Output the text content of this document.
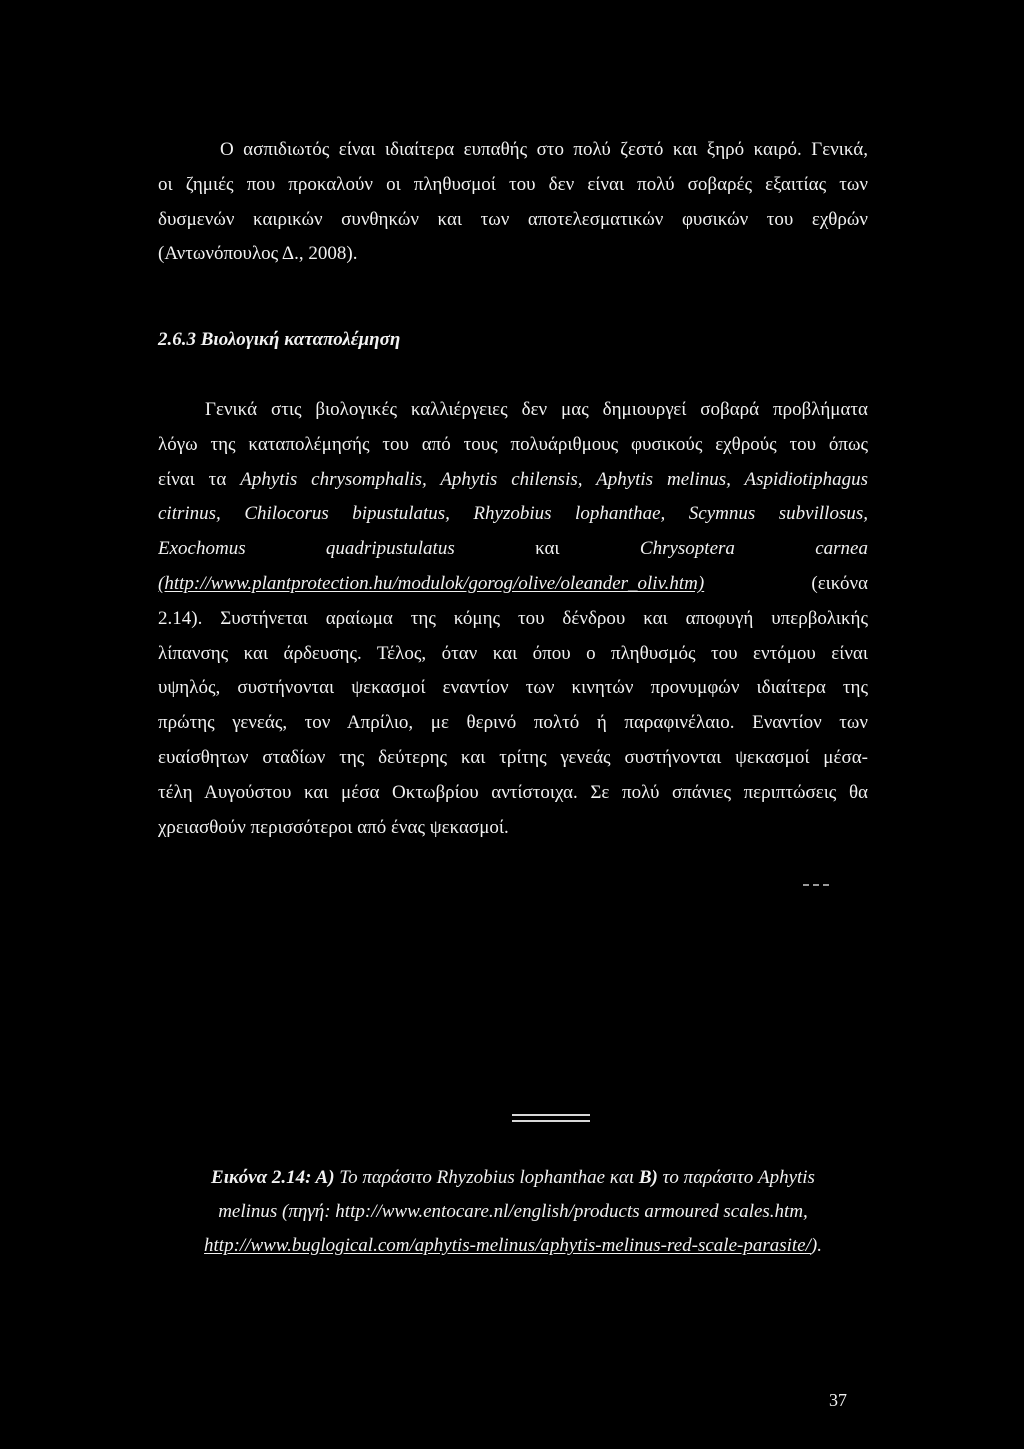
Ο ασπιδιωτός είναι ιδιαίτερα ευπαθής στο πολύ ζεστό και ξηρό καιρό. Γενικά,
οι ζημιές που προκαλούν οι πληθυσμοί του δεν είναι πολύ σοβαρές εξαιτίας των
δυσμενών καιρικών συνθηκών και των αποτελεσματικών φυσικών του εχθρών
(Αντωνόπουλος Δ., 2008).
2.6.3 Βιολογική καταπολέμηση
Γενικά στις βιολογικές καλλιέργειες δεν μας δημιουργεί σοβαρά προβλήματα
λόγω της καταπολέμησής του από τους πολυάριθμους φυσικούς εχθρούς του όπως
είναι τα Aphytis chrysomphalis, Aphytis chilensis, Aphytis melinus, Aspidiotiphagus
citrinus, Chilocorus bipustulatus, Rhyzobius lophanthae, Scymnus subvillosus,
Exochomus quadripustulatus και Chrysoptera carnea
(http://www.plantprotection.hu/modulok/gorog/olive/oleander_oliv.htm) (εικόνα
2.14). Συστήνεται αραίωμα της κόμης του δένδρου και αποφυγή υπερβολικής
λίπανσης και άρδευσης. Τέλος, όταν και όπου ο πληθυσμός του εντόμου είναι
υψηλός, συστήνονται ψεκασμοί εναντίον των κινητών προνυμφών ιδιαίτερα της
πρώτης γενεάς, τον Απρίλιο, με θερινό πολτό ή παραφινέλαιο. Εναντίον των
ευαίσθητων σταδίων της δεύτερης και τρίτης γενεάς συστήνονται ψεκασμοί μέσα-
τέλη Αυγούστου και μέσα Οκτωβρίου αντίστοιχα. Σε πολύ σπάνιες περιπτώσεις θα
χρειασθούν περισσότεροι από ένας ψεκασμοί.
Εικόνα 2.14: Α) Το παράσιτο Rhyzobius lophanthae και Β) το παράσιτο Aphytis
melinus (πηγή: http://www.entocare.nl/english/products armoured scales.htm,
http://www.buglogical.com/aphytis-melinus/aphytis-melinus-red-scale-parasite/).
37
